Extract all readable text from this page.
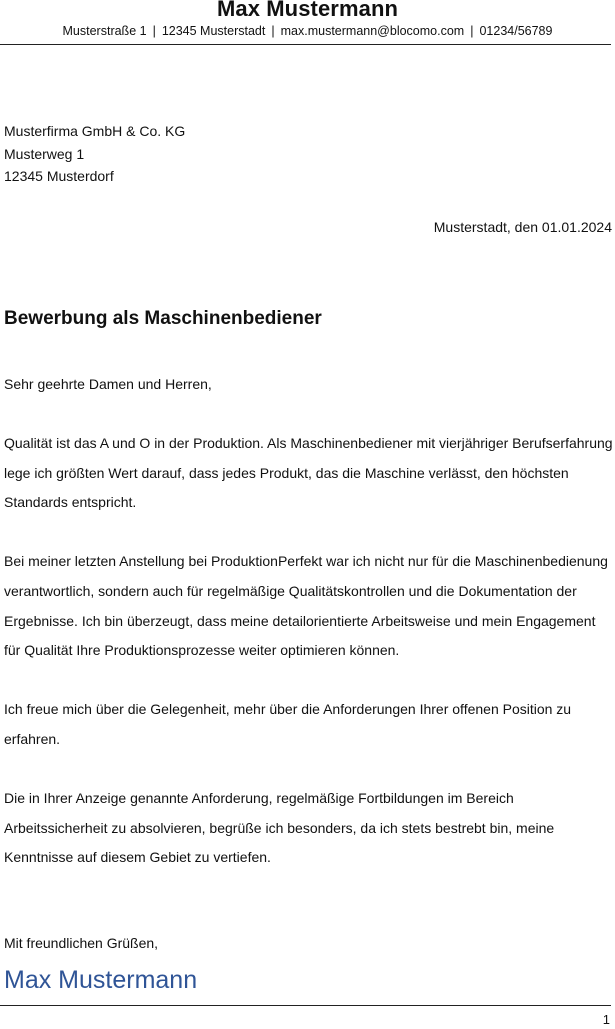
Max Mustermann
Musterstraße 1 | 12345 Musterstadt | max.mustermann@blocomo.com | 01234/56789
Musterfirma GmbH & Co. KG
Musterweg 1
12345 Musterdorf
Musterstadt, den 01.01.2024
Bewerbung als Maschinenbediener
Sehr geehrte Damen und Herren,

Qualität ist das A und O in der Produktion. Als Maschinenbediener mit vierjähriger Berufserfahrung lege ich größten Wert darauf, dass jedes Produkt, das die Maschine verlässt, den höchsten Standards entspricht.

Bei meiner letzten Anstellung bei ProduktionPerfekt war ich nicht nur für die Maschinenbedienung verantwortlich, sondern auch für regelmäßige Qualitätskontrollen und die Dokumentation der Ergebnisse. Ich bin überzeugt, dass meine detailorientierte Arbeitsweise und mein Engagement für Qualität Ihre Produktionsprozesse weiter optimieren können.

Ich freue mich über die Gelegenheit, mehr über die Anforderungen Ihrer offenen Position zu erfahren.

Die in Ihrer Anzeige genannte Anforderung, regelmäßige Fortbildungen im Bereich Arbeitssicherheit zu absolvieren, begrüße ich besonders, da ich stets bestrebt bin, meine Kenntnisse auf diesem Gebiet zu vertiefen.

Mit freundlichen Grüßen,
Max Mustermann
1
